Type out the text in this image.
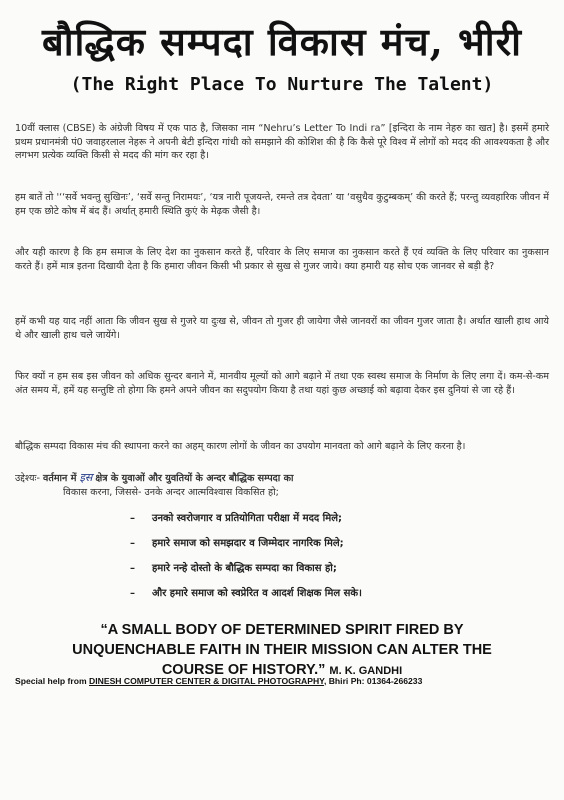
बौद्धिक सम्पदा विकास मंच, भीरी
(The Right Place To Nurture The Talent)
10वीं क्लास (CBSE) के अंग्रेजी विषय में एक पाठ है, जिसका नाम “Nehru’s Letter To Indi ra” [इन्दिरा के नाम नेहरु का खत] है। इसमें हमारे प्रथम प्रधानमंत्री पं0 जवाहरलाल नेहरू ने अपनी बेटी इन्दिरा गांधी को समझाने की कोशिश की है कि कैसे पूरे विश्व में लोगों को मदद की आवश्यकता है और लगभग प्रत्येक व्यक्ति किसी से मदद की मांग कर रहा है।
हम बातें तो '‘‘सर्वे भवन्तु सुखिनः’, ‘सर्वे सन्तु निरामयः’, ‘यत्र नारी पूजयन्ते, रमन्ते तत्र देवता’ या ‘वसुधैव कुटुम्बकम्’ की करते हैं; परन्तु व्यवहारिक जीवन में हम एक छोटे कोष में बंद हैं। अर्थात् हमारी स्थिति कुएं के मेढ़क जैसी है।
और यही कारण है कि हम समाज के लिए देश का नुकसान करते हैं, परिवार के लिए समाज का नुकसान करते हैं एवं व्यक्ति के लिए परिवार का नुकसान करते हैं। हमें मात्र इतना दिखायी देता है कि हमारा जीवन किसी भी प्रकार से सुख से गुजर जाये। क्या हमारी यह सोच एक जानवर से बड़ी है?
हमें कभी यह याद नहीं आता कि जीवन सुख से गुजरे या दुःख से, जीवन तो गुजर ही जायेगा जैसे जानवरों का जीवन गुजर जाता है। अर्थात खाली हाथ आये थे और खाली हाथ चले जायेंगे।
फिर क्यों न हम सब इस जीवन को अधिक सुन्दर बनाने में, मानवीय मूल्यों को आगे बढ़ाने में तथा एक स्वस्थ समाज के निर्माण के लिए लगा दें। कम-से-कम अंत समय में, हमें यह सन्तुष्टि तो होगा कि हमने अपने जीवन का सदुपयोग किया है तथा यहां कुछ अच्छाई को बढ़ावा देकर इस दुनियां से जा रहे हैं।
बौद्धिक सम्पदा विकास मंच की स्थापना करने का अहम् कारण लोगों के जीवन का उपयोग मानवता को आगे बढ़ाने के लिए करना है।
उद्देश्यः- वर्तमान में इस क्षेत्र के युवाओं और युवतियों के अन्दर बौद्धिक सम्पदा का
विकास करना, जिससे- उनके अन्दर आत्मविश्वास विकसित हो;
– उनको स्वरोजगार व प्रतियोगिता परीक्षा में मदद मिले;
– हमारे समाज को समझदार व जिम्मेदार नागरिक मिले;
– हमारे नन्हे दोस्तो के बौद्धिक सम्पदा का विकास हो;
– और हमारे समाज को स्वप्रेरित व आदर्श शिक्षक मिल सके।
“A SMALL BODY OF DETERMINED SPIRIT FIRED BY
UNQUENCHABLE FAITH IN THEIR MISSION CAN ALTER THE
COURSE OF HISTORY.” M. K. GANDHI
Special help from DINESH COMPUTER CENTER & DIGITAL PHOTOGRAPHY, Bhiri Ph: 01364-266233
